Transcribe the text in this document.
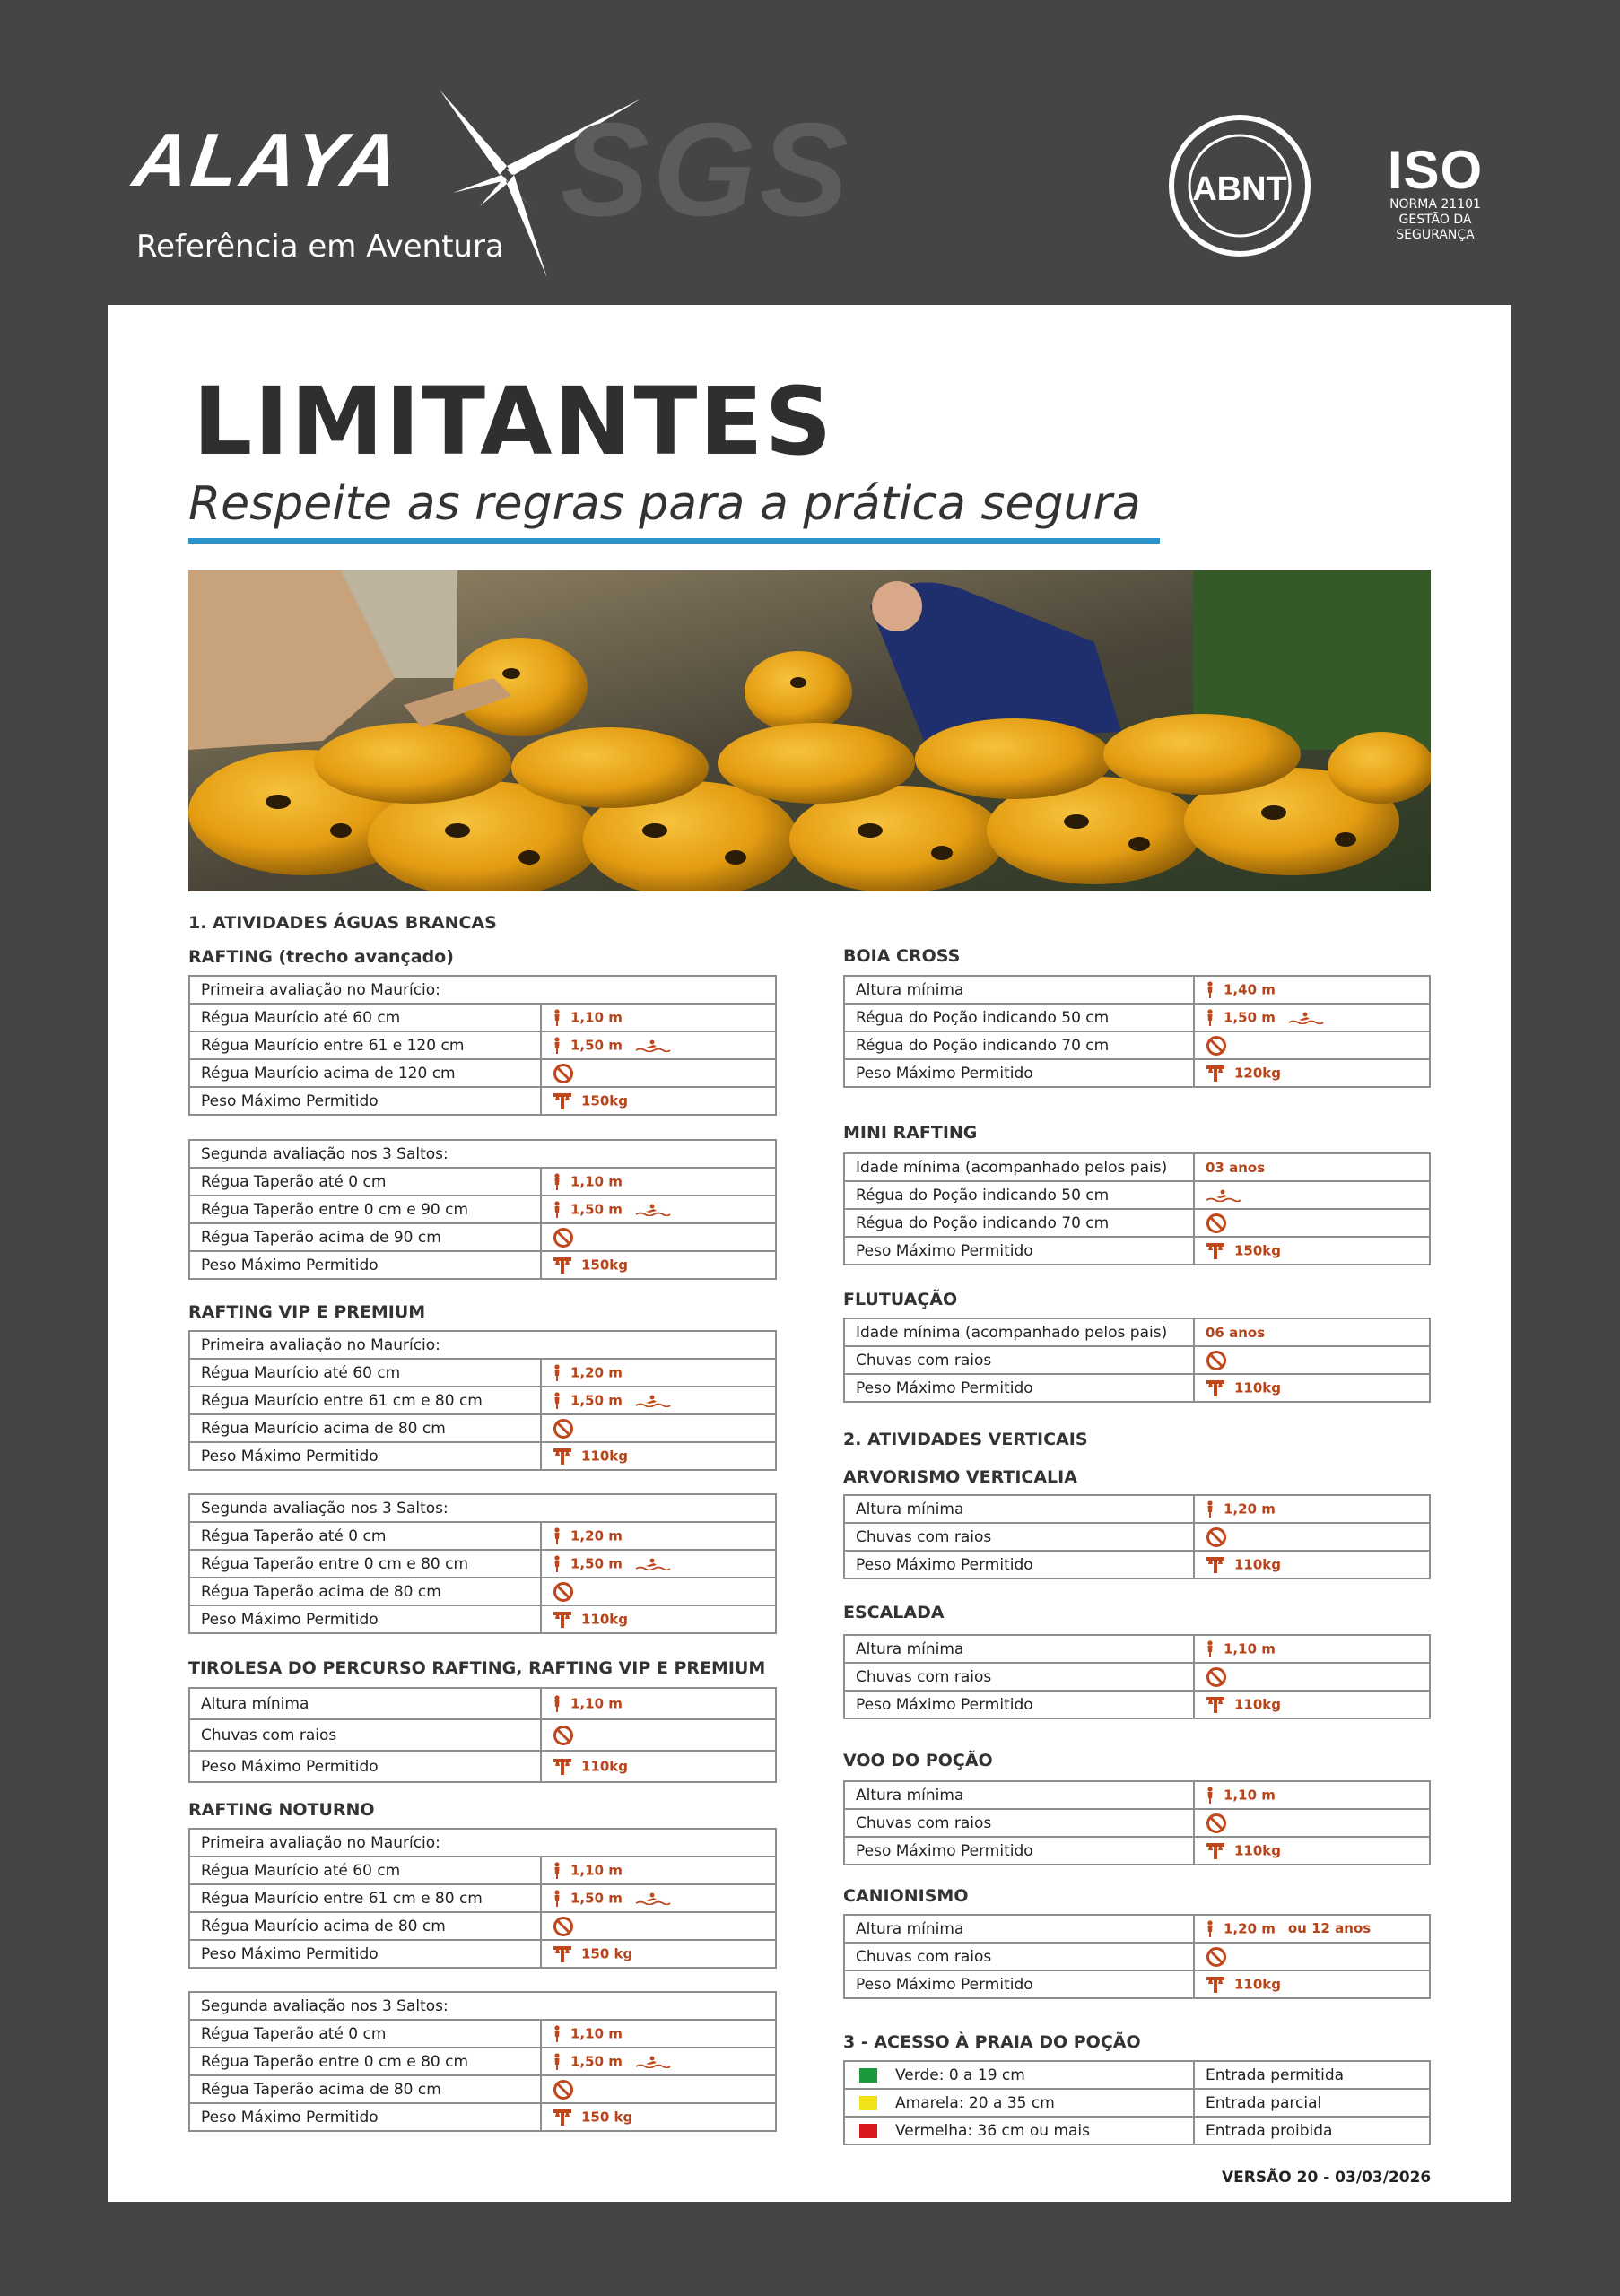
ALAYA
Referência em Aventura
SGS	ABNT	ISO
NORMA 21101
GESTÃO DA SEGURANÇA
LIMITANTES
Respeite as regras para a prática segura
1. ATIVIDADES ÁGUAS BRANCAS
RAFTING (trecho avançado)
Primeira avaliação no Maurício:	
Régua Maurício até 60 cm	1,10 m
Régua Maurício entre 61 e 120 cm	1,50 m
Régua Maurício acima de 120 cm	
Peso Máximo Permitido	150kg
Segunda avaliação nos 3 Saltos:	
Régua Taperão até 0 cm	1,10 m
Régua Taperão entre 0 cm e 90 cm	1,50 m
Régua Taperão acima de 90 cm	
Peso Máximo Permitido	150kg
RAFTING VIP E PREMIUM
Primeira avaliação no Maurício:	
Régua Maurício até 60 cm	1,20 m
Régua Maurício entre 61 cm e 80 cm	1,50 m
Régua Maurício acima de 80 cm	
Peso Máximo Permitido	110kg
Segunda avaliação nos 3 Saltos:	
Régua Taperão até 0 cm	1,20 m
Régua Taperão entre 0 cm e 80 cm	1,50 m
Régua Taperão acima de 80 cm	
Peso Máximo Permitido	110kg
TIROLESA DO PERCURSO RAFTING, RAFTING VIP E PREMIUM
Altura mínima	1,10 m
Chuvas com raios	
Peso Máximo Permitido	110kg
RAFTING NOTURNO
Primeira avaliação no Maurício:	
Régua Maurício até 60 cm	1,10 m
Régua Maurício entre 61 cm e 80 cm	1,50 m
Régua Maurício acima de 80 cm	
Peso Máximo Permitido	150 kg
Segunda avaliação nos 3 Saltos:	
Régua Taperão até 0 cm	1,10 m
Régua Taperão entre 0 cm e 80 cm	1,50 m
Régua Taperão acima de 80 cm	
Peso Máximo Permitido	150 kg
BOIA CROSS
Altura mínima	1,40 m
Régua do Poção indicando 50 cm	1,50 m
Régua do Poção indicando 70 cm	
Peso Máximo Permitido	120kg
MINI RAFTING
Idade mínima (acompanhado pelos pais)	03 anos
Régua do Poção indicando 50 cm	
Régua do Poção indicando 70 cm	
Peso Máximo Permitido	150kg
FLUTUAÇÃO
Idade mínima (acompanhado pelos pais)	06 anos
Chuvas com raios	
Peso Máximo Permitido	110kg
2. ATIVIDADES VERTICAIS
ARVORISMO VERTICALIA
Altura mínima	1,20 m
Chuvas com raios	
Peso Máximo Permitido	110kg
ESCALADA
Altura mínima	1,10 m
Chuvas com raios	
Peso Máximo Permitido	110kg
VOO DO POÇÃO
Altura mínima	1,10 m
Chuvas com raios	
Peso Máximo Permitido	110kg
CANIONISMO
Altura mínima	1,20 m ou 12 anos
Chuvas com raios	
Peso Máximo Permitido	110kg
3 - ACESSO À PRAIA DO POÇÃO
Verde: 0 a 19 cm	Entrada permitida
Amarela: 20 a 35 cm	Entrada parcial
Vermelha: 36 cm ou mais	Entrada proibida
VERSÃO 20 - 03/03/2026
